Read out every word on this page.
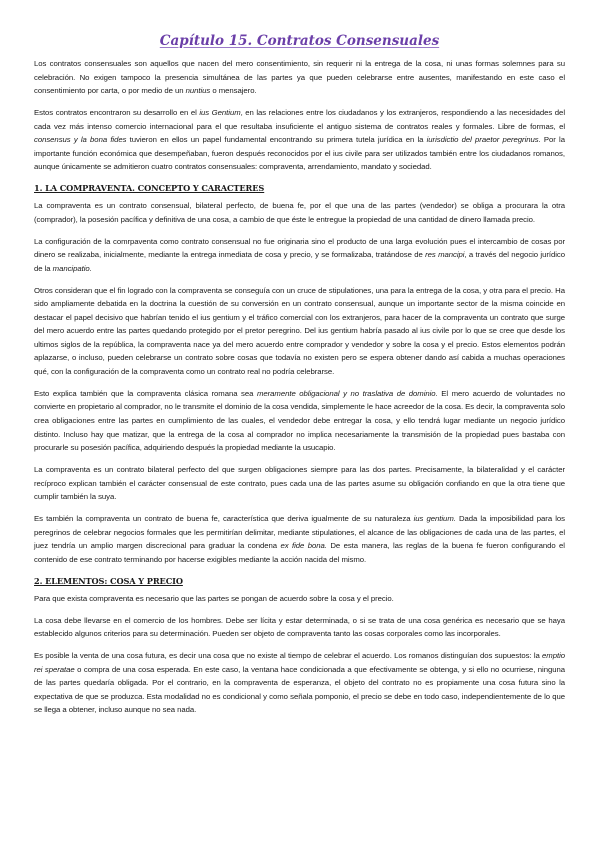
Capítulo 15. Contratos Consensuales

Los contratos consensuales son aquellos que nacen del mero consentimiento, sin requerir ni la entrega de la cosa, ni unas formas solemnes para su celebración. No exigen tampoco la presencia simultánea de las partes ya que pueden celebrarse entre ausentes, manifestando en este caso el consentimiento por carta, o por medio de un nuntius o mensajero.

Estos contratos encontraron su desarrollo en el ius Gentium, en las relaciones entre los ciudadanos y los extranjeros, respondiendo a las necesidades del cada vez más intenso comercio internacional para el que resultaba insuficiente el antiguo sistema de contratos reales y formales. Libre de formas, el consensus y la bona fides tuvieron en ellos un papel fundamental encontrando su primera tutela jurídica en la iurisdictio del praetor peregrinus. Por la importante función económica que desempeñaban, fueron después reconocidos por el ius civile para ser utilizados también entre los ciudadanos romanos, aunque únicamente se admitieron cuatro contratos consensuales: compraventa, arrendamiento, mandato y sociedad.

1. LA COMPRAVENTA. CONCEPTO Y CARACTERES

La compraventa es un contrato consensual, bilateral perfecto, de buena fe, por el que una de las partes (vendedor) se obliga a procurara la otra (comprador), la posesión pacífica y definitiva de una cosa, a cambio de que éste le entregue la propiedad de una cantidad de dinero llamada precio.

La configuración de la comrpaventa como contrato consensual no fue originaria sino el producto de una larga evolución pues el intercambio de cosas por dinero se realizaba, inicialmente, mediante la entrega inmediata de cosa y precio, y se formalizaba, tratándose de res mancipi, a través del negocio jurídico de la mancipatio.

Otros consideran que el fin logrado con la compraventa se conseguía con un cruce de stipulationes, una para la entrega de la cosa, y otra para el precio. Ha sido ampliamente debatida en la doctrina la cuestión de su conversión en un contrato consensual, aunque un importante sector de la misma coincide en destacar el papel decisivo que habrían tenido el ius gentium y el tráfico comercial con los extranjeros, para hacer de la compraventa un contrato que surge del mero acuerdo entre las partes quedando protegido por el pretor peregrino. Del ius gentium habría pasado al ius civile por lo que se cree que desde los ultimos siglos de la república, la compraventa nace ya del mero acuerdo entre comprador y vendedor y sobre la cosa y el precio. Estos elementos podrán aplazarse, o incluso, pueden celebrarse un contrato sobre cosas que todavía no existen pero se espera obtener dando así cabida a muchas operaciones qué, con la configuración de la compraventa como un contrato real no podría celebrarse.

Esto explica también que la compraventa clásica romana sea meramente obligacional y no traslativa de dominio. El mero acuerdo de voluntades no convierte en propietario al comprador, no le transmite el dominio de la cosa vendida, simplemente le hace acreedor de la cosa. Es decir, la compraventa solo crea obligaciones entre las partes en cumplimiento de las cuales, el vendedor debe entregar la cosa, y ello tendrá lugar mediante un negocio jurídico distinto. Incluso hay que matizar, que la entrega de la cosa al comprador no implica necesariamente la transmisión de la propiedad pues bastaba con procurarle su posesión pacífica, adquiriendo después la propiedad mediante la usucapio.

La compraventa es un contrato bilateral perfecto del que surgen obligaciones siempre para las dos partes. Precisamente, la bilateralidad y el carácter recíproco explican también el carácter consensual de este contrato, pues cada una de las partes asume su obligación confiando en que la otra tiene que cumplir también la suya.

Es también la compraventa un contrato de buena fe, característica que deriva igualmente de su naturaleza ius gentium. Dada la imposibilidad para los peregrinos de celebrar negocios formales que les permitirían delimitar, mediante stipulationes, el alcance de las obligaciones de cada una de las partes, el juez tendría un amplio margen discrecional para graduar la condena ex fide bona. De esta manera, las reglas de la buena fe fueron configurando el contenido de ese contrato terminando por hacerse exigibles mediante la acción nacida del mismo.

2. ELEMENTOS: COSA Y PRECIO

Para que exista compraventa es necesario que las partes se pongan de acuerdo sobre la cosa y el precio.

La cosa debe llevarse en el comercio de los hombres. Debe ser lícita y estar determinada, o si se trata de una cosa genérica es necesario que se haya establecido algunos criterios para su determinación. Pueden ser objeto de compraventa tanto las cosas corporales como las incorporales.

Es posible la venta de una cosa futura, es decir una cosa que no existe al tiempo de celebrar el acuerdo. Los romanos distinguían dos supuestos: la emptio rei speratae o compra de una cosa esperada. En este caso, la ventana hace condicionada a que efectivamente se obtenga, y si ello no ocurriese, ninguna de las partes quedaría obligada. Por el contrario, en la compraventa de esperanza, el objeto del contrato no es propiamente una cosa futura sino la expectativa de que se produzca. Esta modalidad no es condicional y como señala pomponio, el precio se debe en todo caso, independientemente de lo que se llega a obtener, incluso aunque no sea nada.
